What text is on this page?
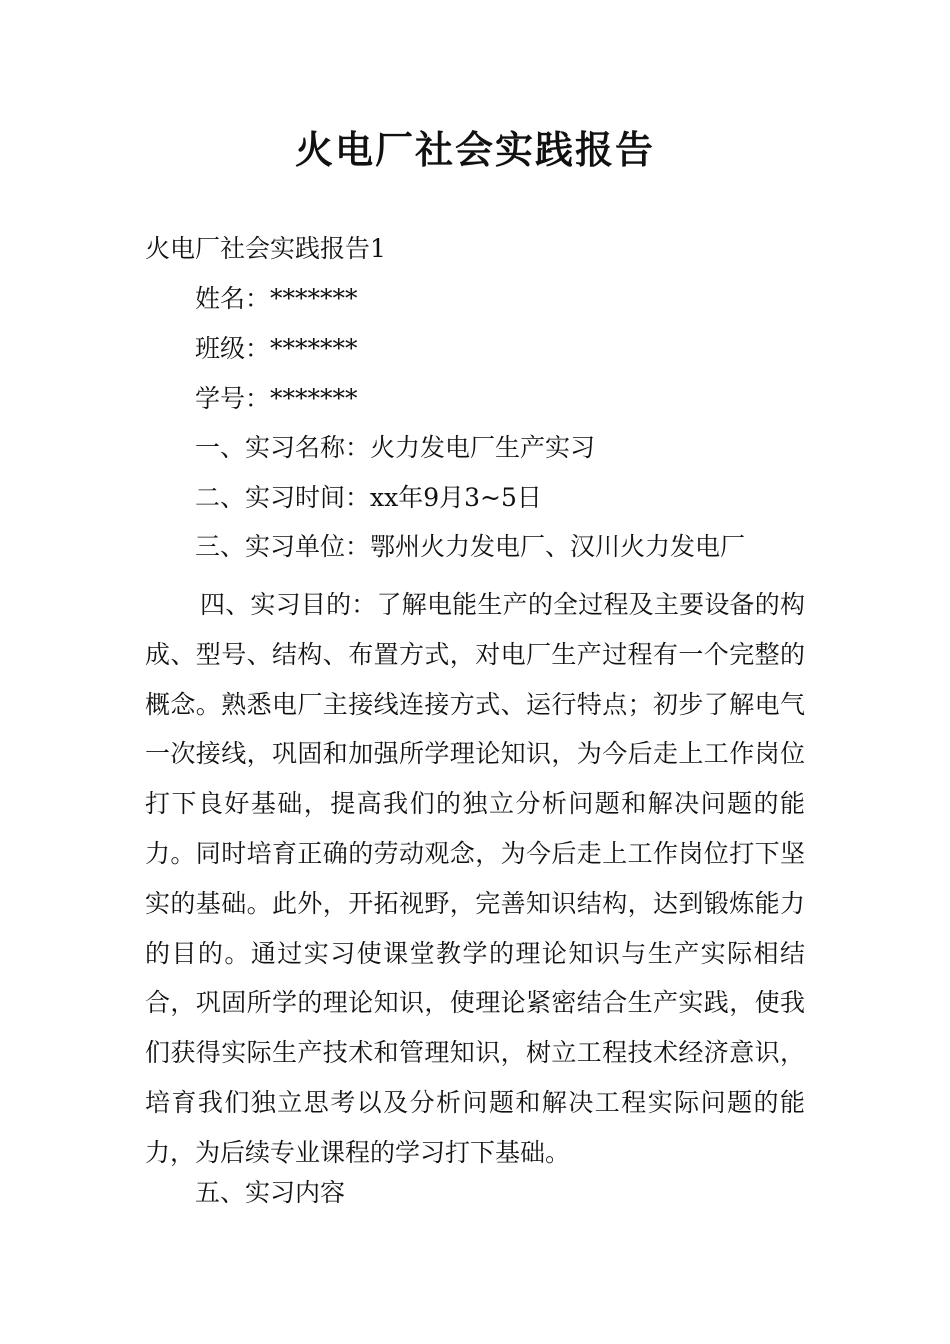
火电厂社会实践报告

火电厂社会实践报告1

姓名：*******

班级：*******

学号：*******

一、实习名称：火力发电厂生产实习

二、实习时间：xx年9月3~5日

三、实习单位：鄂州火力发电厂、汉川火力发电厂

四、实习目的：了解电能生产的全过程及主要设备的构成、型号、结构、布置方式，对电厂生产过程有一个完整的概念。熟悉电厂主接线连接方式、运行特点；初步了解电气一次接线，巩固和加强所学理论知识，为今后走上工作岗位打下良好基础，提高我们的独立分析问题和解决问题的能力。同时培育正确的劳动观念，为今后走上工作岗位打下坚实的基础。此外，开拓视野，完善知识结构，达到锻炼能力的目的。通过实习使课堂教学的理论知识与生产实际相结合，巩固所学的理论知识，使理论紧密结合生产实践，使我们获得实际生产技术和管理知识，树立工程技术经济意识，培育我们独立思考以及分析问题和解决工程实际问题的能力，为后续专业课程的学习打下基础。

五、实习内容
